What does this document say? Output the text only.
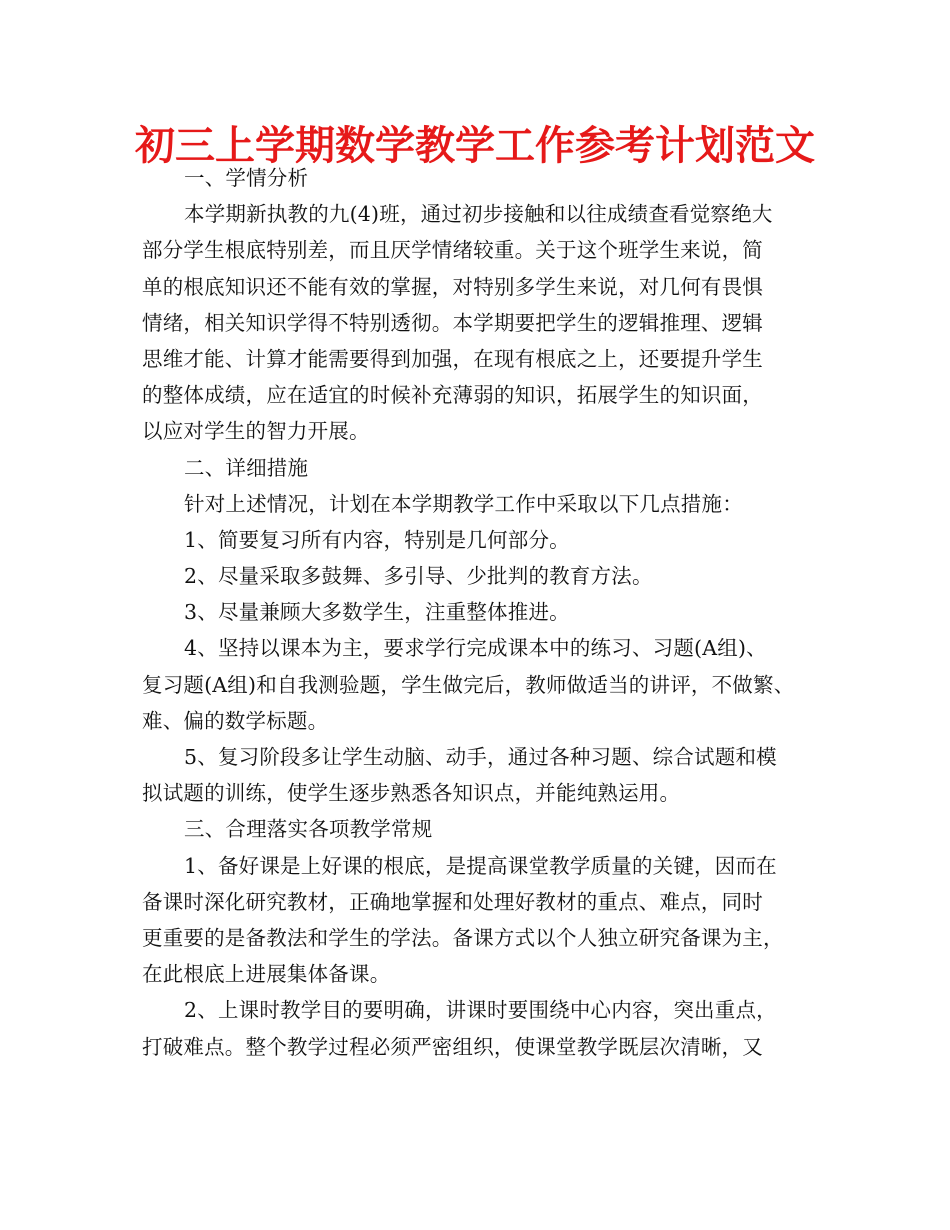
初三上学期数学教学工作参考计划范文
一、学情分析
本学期新执教的九(4)班，通过初步接触和以往成绩查看觉察绝大
部分学生根底特别差，而且厌学情绪较重。关于这个班学生来说，简
单的根底知识还不能有效的掌握，对特别多学生来说，对几何有畏惧
情绪，相关知识学得不特别透彻。本学期要把学生的逻辑推理、逻辑
思维才能、计算才能需要得到加强，在现有根底之上，还要提升学生
的整体成绩，应在适宜的时候补充薄弱的知识，拓展学生的知识面，
以应对学生的智力开展。
二、详细措施
针对上述情况，计划在本学期教学工作中采取以下几点措施：
1、简要复习所有内容，特别是几何部分。
2、尽量采取多鼓舞、多引导、少批判的教育方法。
3、尽量兼顾大多数学生，注重整体推进。
4、坚持以课本为主，要求学行完成课本中的练习、习题(A组)、
复习题(A组)和自我测验题，学生做完后，教师做适当的讲评，不做繁、
难、偏的数学标题。
5、复习阶段多让学生动脑、动手，通过各种习题、综合试题和模
拟试题的训练，使学生逐步熟悉各知识点，并能纯熟运用。
三、合理落实各项教学常规
1、备好课是上好课的根底，是提高课堂教学质量的关键，因而在
备课时深化研究教材，正确地掌握和处理好教材的重点、难点，同时
更重要的是备教法和学生的学法。备课方式以个人独立研究备课为主，
在此根底上进展集体备课。
2、上课时教学目的要明确，讲课时要围绕中心内容，突出重点，
打破难点。整个教学过程必须严密组织，使课堂教学既层次清晰，又
